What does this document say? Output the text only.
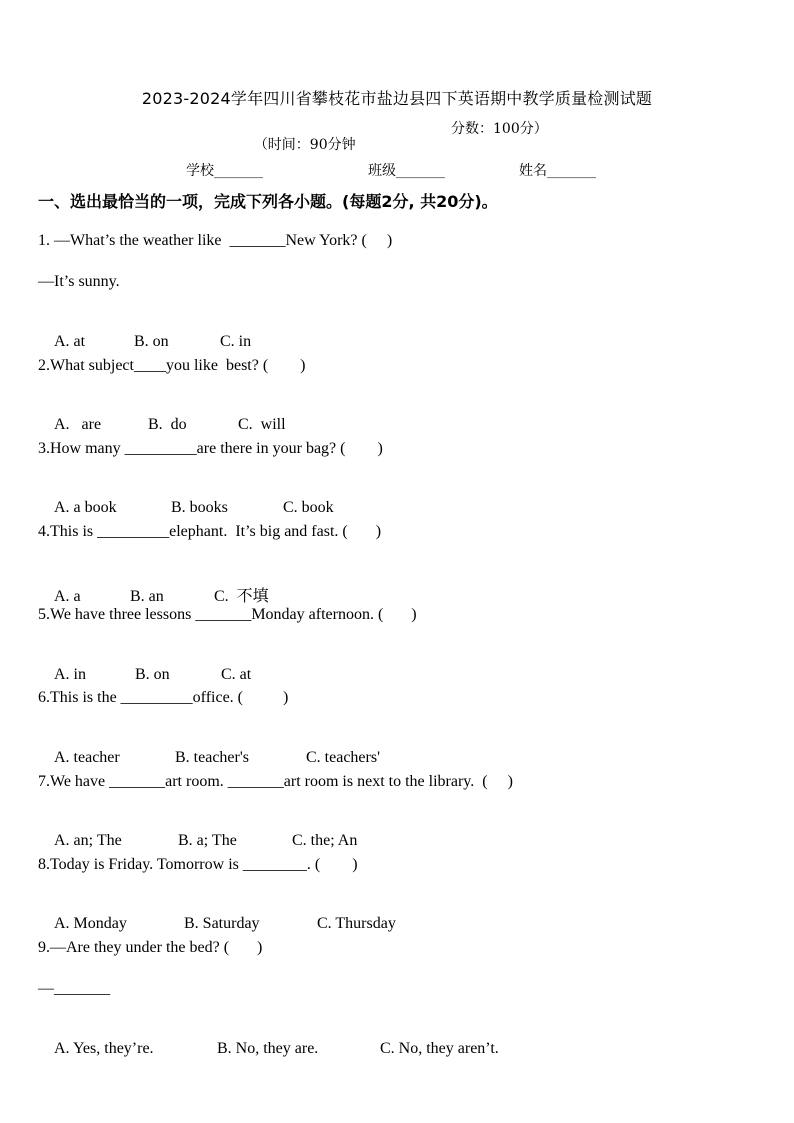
2023-2024学年四川省攀枝花市盐边县四下英语期中教学质量检测试题

（时间：90分钟

分数：100分）

学校_______	班级_______	姓名_______
一、选出最恰当的一项，完成下列各小题。(每题2分, 共20分)。
1. —What’s the weather like  _______New York? (     )
—It’s sunny.

A. at	B. on	C. in

2.What subject____you like  best? (        )

A.   are	B.  do	C.  will

3.How many _________are there in your bag? (        )

A. a book	B. books	C. book

4.This is _________elephant.  It’s big and fast. (       )

A. a	B. an	C.  不填

5.We have three lessons _______Monday afternoon. (       )

A. in	B. on	C. at

6.This is the _________office. (          )

A. teacher	B. teacher's	C. teachers'

7.We have _______art room. _______art room is next to the library.  (     )

A. an; The	B. a; The	C. the; An

8.Today is Friday. Tomorrow is ________. (        )

A. Monday	B. Saturday	C. Thursday

9.—Are they under the bed? (       )
—_______

A. Yes, they’re.	B. No, they are.	C. No, they aren’t.
